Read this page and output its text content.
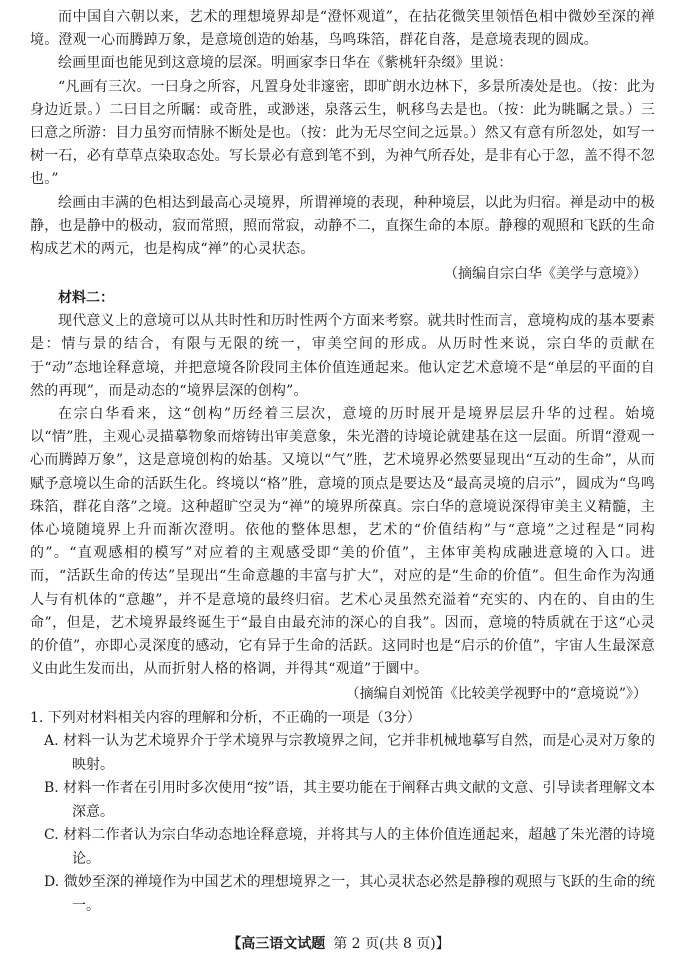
而中国自六朝以来，艺术的理想境界却是“澄怀观道”，在拈花微笑里领悟色相中微妙至深的禅境。澄观一心而腾踔万象，是意境创造的始基，鸟鸣珠箔，群花自落，是意境表现的圆成。

绘画里面也能见到这意境的层深。明画家李日华在《紫桃轩杂缀》里说：

“凡画有三次。一曰身之所容，凡置身处非邃密，即旷朗水边林下，多景所凑处是也。（按：此为身边近景。）二曰目之所瞩：或奇胜，或渺迷，泉落云生，帆移鸟去是也。（按：此为眺瞩之景。）三曰意之所游：目力虽穷而情脉不断处是也。（按：此为无尽空间之远景。）然又有意有所忽处，如写一树一石，必有草草点染取态处。写长景必有意到笔不到，为神气所吞处，是非有心于忽，盖不得不忽也。”

绘画由丰满的色相达到最高心灵境界，所谓禅境的表现，种种境层，以此为归宿。禅是动中的极静，也是静中的极动，寂而常照，照而常寂，动静不二，直探生命的本原。静穆的观照和飞跃的生命构成艺术的两元，也是构成“禅”的心灵状态。

（摘编自宗白华《美学与意境》）

材料二：

现代意义上的意境可以从共时性和历时性两个方面来考察。就共时性而言，意境构成的基本要素是：情与景的结合，有限与无限的统一，审美空间的形成。从历时性来说，宗白华的贡献在于“动”态地诠释意境，并把意境各阶段同主体价值连通起来。他认定艺术意境不是“单层的平面的自然的再现”，而是动态的“境界层深的创构”。

在宗白华看来，这“创构”历经着三层次，意境的历时展开是境界层层升华的过程。始境以“情”胜，主观心灵描摹物象而熔铸出审美意象，朱光潜的诗境论就建基在这一层面。所谓“澄观一心而腾踔万象”，这是意境创构的始基。又境以“气”胜，艺术境界必然要显现出“互动的生命”，从而赋予意境以生命的活跃生化。终境以“格”胜，意境的顶点是要达及“最高灵境的启示”，圆成为“鸟鸣珠箔，群花自落”之境。这种超旷空灵为“禅”的境界所葆真。宗白华的意境说深得审美主义精髓，主体心境随境界上升而渐次澄明。依他的整体思想，艺术的“价值结构”与“意境”之过程是“同构的”。“直观感相的模写”对应着的主观感受即“美的价值”，主体审美构成融进意境的入口。进而，“活跃生命的传达”呈现出“生命意趣的丰富与扩大”，对应的是“生命的价值”。但生命作为沟通人与有机体的“意趣”，并不是意境的最终归宿。艺术心灵虽然充溢着“充实的、内在的、自由的生命”，但是，艺术境界最终诞生于“最自由最充沛的深心的自我”。因而，意境的特质就在于这“心灵的价值”，亦即心灵深度的感动，它有异于生命的活跃。这同时也是“启示的价值”，宇宙人生最深意义由此生发而出，从而折射人格的格调，并得其“观道”于圜中。

（摘编自刘悦笛《比较美学视野中的“意境说”》）

1. 下列对材料相关内容的理解和分析，不正确的一项是（3分）

A. 材料一认为艺术境界介于学术境界与宗教境界之间，它并非机械地摹写自然，而是心灵对万象的映射。

B. 材料一作者在引用时多次使用“按”语，其主要功能在于阐释古典文献的文意、引导读者理解文本深意。

C. 材料二作者认为宗白华动态地诠释意境，并将其与人的主体价值连通起来，超越了朱光潜的诗境论。

D. 微妙至深的禅境作为中国艺术的理想境界之一，其心灵状态必然是静穆的观照与飞跃的生命的统一。

【高三语文试题 第 2 页(共 8 页)】
